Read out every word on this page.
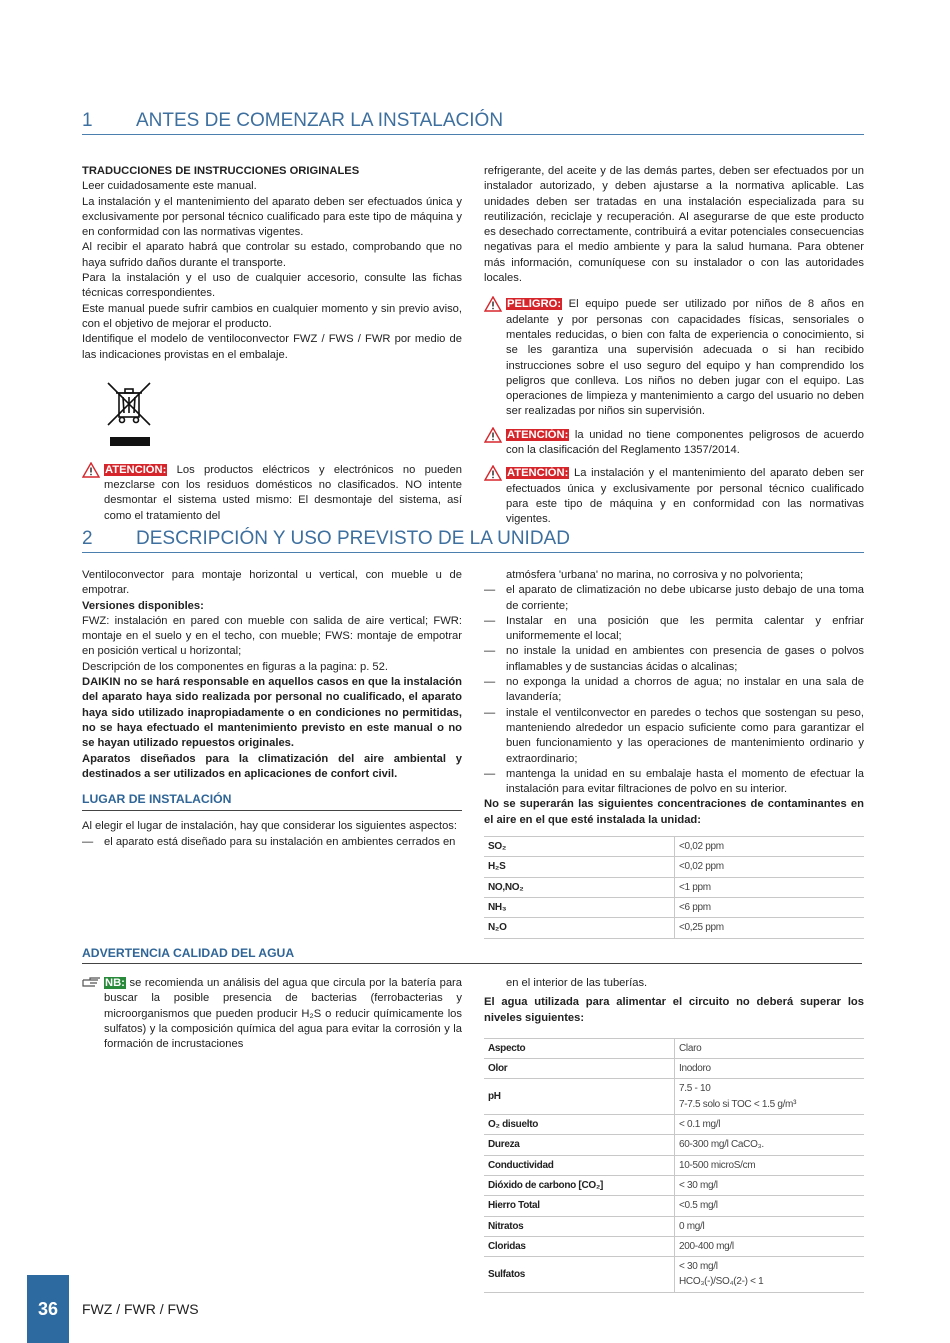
1 ANTES DE COMENZAR LA INSTALACIÓN

TRADUCCIONES DE INSTRUCCIONES ORIGINALES

Leer cuidadosamente este manual.

La instalación y el mantenimiento del aparato deben ser efectuados única y exclusivamente por personal técnico cualificado para este tipo de máquina y en conformidad con las normativas vigentes.

Al recibir el aparato habrá que controlar su estado, comprobando que no haya sufrido daños durante el transporte.

Para la instalación y el uso de cualquier accesorio, consulte las fichas técnicas correspondientes.

Este manual puede sufrir cambios en cualquier momento y sin previo aviso, con el objetivo de mejorar el producto.

Identifique el modelo de ventiloconvector FWZ / FWS / FWR por medio de las indicaciones provistas en el embalaje.

ATENCIÓN: Los productos eléctricos y electrónicos no pueden mezclarse con los residuos domésticos no clasificados. NO intente desmontar el sistema usted mismo: El desmontaje del sistema, así como el tratamiento del

refrigerante, del aceite y de las demás partes, deben ser efectuados por un instalador autorizado, y deben ajustarse a la normativa aplicable. Las unidades deben ser tratadas en una instalación especializada para su reutilización, reciclaje y recuperación. Al asegurarse de que este producto es desechado correctamente, contribuirá a evitar potenciales consecuencias negativas para el medio ambiente y para la salud humana. Para obtener más información, comuníquese con su instalador o con las autoridades locales.

PELIGRO: El equipo puede ser utilizado por niños de 8 años en adelante y por personas con capacidades físicas, sensoriales o mentales reducidas, o bien con falta de experiencia o conocimiento, si se les garantiza una supervisión adecuada o si han recibido instrucciones sobre el uso seguro del equipo y han comprendido los peligros que conlleva. Los niños no deben jugar con el equipo. Las operaciones de limpieza y mantenimiento a cargo del usuario no deben ser realizadas por niños sin supervisión.
ATENCIÓN: la unidad no tiene componentes peligrosos de acuerdo con la clasificación del Reglamento 1357/2014.
ATENCIÓN: La instalación y el mantenimiento del aparato deben ser efectuados única y exclusivamente por personal técnico cualificado para este tipo de máquina y en conformidad con las normativas vigentes.
2 DESCRIPCIÓN Y USO PREVISTO DE LA UNIDAD

Ventiloconvector para montaje horizontal u vertical, con mueble u de empotrar.

Versiones disponibles:

FWZ: instalación en pared con mueble con salida de aire vertical; FWR: montaje en el suelo y en el techo, con mueble; FWS: montaje de empotrar en posición vertical u horizontal;

Descripción de los componentes en figuras a la pagina: p. 52.

DAIKIN no se hará responsable en aquellos casos en que la instalación del aparato haya sido realizada por personal no cualificado, el aparato haya sido utilizado inapropiadamente o en condiciones no permitidas, no se haya efectuado el mantenimiento previsto en este manual o no se hayan utilizado repuestos originales.

Aparatos diseñados para la climatización del aire ambiental y destinados a ser utilizados en aplicaciones de confort civil.

LUGAR DE INSTALACIÓN

Al elegir el lugar de instalación, hay que considerar los siguientes aspectos:

— el aparato está diseñado para su instalación en ambientes cerrados en

atmósfera 'urbana' no marina, no corrosiva y no polvorienta;

— el aparato de climatización no debe ubicarse justo debajo de una toma de corriente;
— Instalar en una posición que les permita calentar y enfriar uniformemente el local;
— no instale la unidad en ambientes con presencia de gases o polvos inflamables y de sustancias ácidas o alcalinas;
— no exponga la unidad a chorros de agua; no instalar en una sala de lavandería;
— instale el ventilconvector en paredes o techos que sostengan su peso, manteniendo alrededor un espacio suficiente como para garantizar el buen funcionamiento y las operaciones de mantenimiento ordinario y extraordinario;
— mantenga la unidad en su embalaje hasta el momento de efectuar la instalación para evitar filtraciones de polvo en su interior.

No se superarán las siguientes concentraciones de contaminantes en el aire en el que esté instalada la unidad:

SO₂	<0,02 ppm

H₂S	<0,02 ppm

NO,NO₂	<1 ppm

NH₃	<6 ppm

N₂O	<0,25 ppm
ADVERTENCIA CALIDAD DEL AGUA
NB: se recomienda un análisis del agua que circula por la batería para buscar la posible presencia de bacterias (ferrobacterias y microorganismos que pueden producir H₂S o reducir químicamente los sulfatos) y la composición química del agua para evitar la corrosión y la formación de incrustaciones

en el interior de las tuberías.

El agua utilizada para alimentar el circuito no deberá superar los niveles siguientes:

Aspecto	Claro

Olor	Inodoro

pH	7.5 - 10
7-7.5 solo si TOC < 1.5 g/m³

O₂ disuelto	< 0.1 mg/l

Dureza	60-300 mg/l CaCO₃.

Conductividad	10-500 microS/cm

Dióxido de carbono [CO₂]	< 30 mg/l

Hierro Total	<0.5 mg/l

Nitratos	0 mg/l

Cloridas	200-400 mg/l

Sulfatos	< 30 mg/l
HCO₃(-)/SO₄(2-) < 1
36	FWZ / FWR / FWS
